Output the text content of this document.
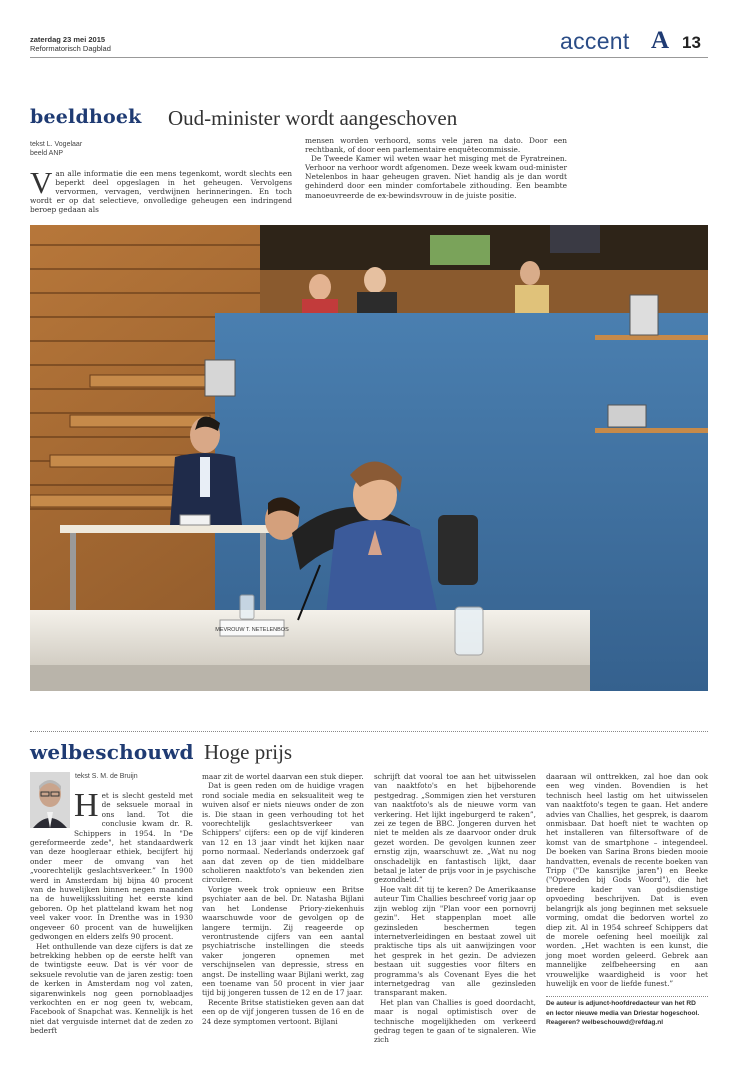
zaterdag 23 mei 2015
Reformatorisch Dagblad	accent A 13
beeldhoek Oud-minister wordt aangeschoven
tekst L. Vogelaar
beeld ANP

Van alle informatie die een mens tegenkomt, wordt slechts een beperkt deel opgeslagen in het geheugen. Vervolgens vervormen, vervagen, verdwijnen herinneringen. En toch wordt er op dat selectieve, onvolledige geheugen een indringend beroep gedaan als

mensen worden verhoord, soms vele jaren na dato. Door een rechtbank, of door een parlementaire enquêtecommissie.

De Tweede Kamer wil weten waar het misging met de Fyratreinen. Verhoor na verhoor wordt afgenomen. Deze week kwam oud-minister Netelenbos in haar geheugen graven. Niet handig als je dan wordt gehinderd door een minder comfortabele zithouding. Een beambte manoeuvreerde de ex-bewindsvrouw in de juiste positie.

MEVROUW T. NETELENBOS
welbeschouwd Hoge prijs
tekst S. M. de Bruijn

Het is slecht gesteld met de seksuele moraal in ons land. Tot die conclusie kwam dr. R. Schippers in 1954. In "De gereformeerde zede", het standaardwerk van deze hoogleraar ethiek, becijfert hij onder meer de omvang van het „voorechtelijk geslachtsverkeer.” In 1900 werd in Amsterdam bij bijna 40 procent van de huwelijken binnen negen maanden na de huwelijkssluiting het eerste kind geboren. Op het platteland kwam het nog veel vaker voor. In Drenthe was in 1930 ongeveer 60 procent van de huwelijken gedwongen en elders zelfs 90 procent.

Het onthullende van deze cijfers is dat ze betrekking hebben op de eerste helft van de twintigste eeuw. Dat is vér voor de seksuele revolutie van de jaren zestig: toen de kerken in Amsterdam nog vol zaten, sigarenwinkels nog geen pornoblaadjes verkochten en er nog geen tv, webcam, Facebook of Snapchat was. Kennelijk is het niet dat verguisde internet dat de zeden zo bederft

maar zit de wortel daarvan een stuk dieper.

Dat is geen reden om de huidige vragen rond sociale media en seksualiteit weg te wuiven alsof er niets nieuws onder de zon is. Die staan in geen verhouding tot het voorechtelijk geslachtsverkeer van Schippers' cijfers: een op de vijf kinderen van 12 en 13 jaar vindt het kijken naar porno normaal. Nederlands onderzoek gaf aan dat zeven op de tien middelbare scholieren naaktfoto's van bekenden zien circuleren.

Vorige week trok opnieuw een Britse psychiater aan de bel. Dr. Natasha Bijlani van het Londense Priory-ziekenhuis waarschuwde voor de gevolgen op de langere termijn. Zij reageerde op verontrustende cijfers van een aantal psychiatrische instellingen die steeds vaker jongeren opnemen met verschijnselen van depressie, stress en angst. De instelling waar Bijlani werkt, zag een toename van 50 procent in vier jaar tijd bij jongeren tussen de 12 en de 17 jaar.

Recente Britse statistieken geven aan dat een op de vijf jongeren tussen de 16 en de 24 deze symptomen vertoont. Bijlani

schrijft dat vooral toe aan het uitwisselen van naaktfoto's en het bijbehorende pestgedrag. „Sommigen zien het versturen van naaktfoto's als de nieuwe vorm van verkering. Het lijkt ingeburgerd te raken”, zei ze tegen de BBC. Jongeren durven het niet te melden als ze daarvoor onder druk gezet worden. De gevolgen kunnen zeer ernstig zijn, waarschuwt ze. „Wat nu nog onschadelijk en fantastisch lijkt, daar betaal je later de prijs voor in je psychische gezondheid.”

Hoe valt dit tij te keren? De Amerikaanse auteur Tim Challies beschreef vorig jaar op zijn weblog zijn "Plan voor een pornovrij gezin". Het stappenplan moet alle gezinsleden beschermen tegen internetverleidingen en bestaat zowel uit praktische tips als uit aanwijzingen voor het gesprek in het gezin. De adviezen bestaan uit suggesties voor filters en programma's als Covenant Eyes die het internetgedrag van alle gezinsleden transparant maken.

Het plan van Challies is goed doordacht, maar is nogal optimistisch over de technische mogelijkheden om verkeerd gedrag tegen te gaan of te signaleren. Wie zich

daaraan wil onttrekken, zal hoe dan ook een weg vinden. Bovendien is het technisch heel lastig om het uitwisselen van naaktfoto's tegen te gaan. Het andere advies van Challies, het gesprek, is daarom onmisbaar. Dat hoeft niet te wachten op het installeren van filtersoftware of de komst van de smartphone – integendeel. De boeken van Sarina Brons bieden mooie handvatten, evenals de recente boeken van Tripp ("De kansrijke jaren") en Beeke ("Opvoeden bij Gods Woord"), die het bredere kader van godsdienstige opvoeding beschrijven. Dat is even belangrijk als jong beginnen met seksuele vorming, omdat die bedorven wortel zo diep zit. Al in 1954 schreef Schippers dat de morele oefening heel moeilijk zal worden. „Het wachten is een kunst, die jong moet worden geleerd. Gebrek aan mannelijke zelfbeheersing en aan vrouwelijke waardigheid is voor het huwelijk en voor de liefde funest.”

De auteur is adjunct-hoofdredacteur van het RD
en lector nieuwe media van Driestar hogeschool.
Reageren? welbeschouwd@refdag.nl
